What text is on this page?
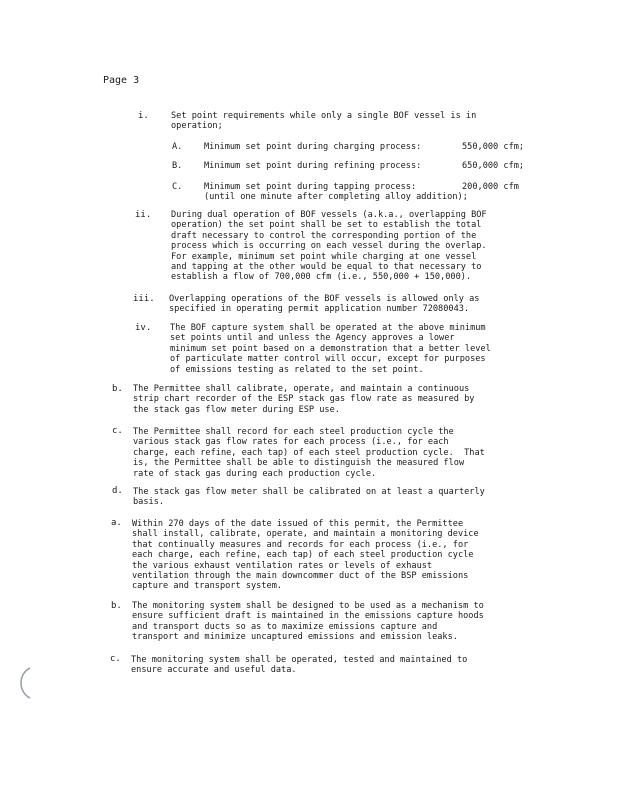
Page 3
i.	Set point requirements while only a single BOF vessel is in
operation;
A.	Minimum set point during charging process:	550,000 cfm;
B.	Minimum set point during refining process:	650,000 cfm;
C.	Minimum set point during tapping process:	200,000 cfm
(until one minute after completing alloy addition);
ii. During dual operation of BOF vessels (a.k.a., overlapping BOF
operation) the set point shall be set to establish the total
draft necessary to control the corresponding portion of the
process which is occurring on each vessel during the overlap.
For example, minimum set point while charging at one vessel
and tapping at the other would be equal to that necessary to
establish a flow of 700,000 cfm (i.e., 550,000 + 150,000).
iii. Overlapping operations of the BOF vessels is allowed only as
specified in operating permit application number 72080043.
iv. The BOF capture system shall be operated at the above minimum
set points until and unless the Agency approves a lower
minimum set point based on a demonstration that a better level
of particulate matter control will occur, except for purposes
of emissions testing as related to the set point.
b. The Permittee shall calibrate, operate, and maintain a continuous
strip chart recorder of the ESP stack gas flow rate as measured by
the stack gas flow meter during ESP use.
c. The Permittee shall record for each steel production cycle the
various stack gas flow rates for each process (i.e., for each
charge, each refine, each tap) of each steel production cycle.  That
is, the Permittee shall be able to distinguish the measured flow
rate of stack gas during each production cycle.
d. The stack gas flow meter shall be calibrated on at least a quarterly
basis.
a. Within 270 days of the date issued of this permit, the Permittee
shall install, calibrate, operate, and maintain a monitoring device
that continually measures and records for each process (i.e., for
each charge, each refine, each tap) of each steel production cycle
the various exhaust ventilation rates or levels of exhaust
ventilation through the main downcommer duct of the BSP emissions
capture and transport system.
b. The monitoring system shall be designed to be used as a mechanism to
ensure sufficient draft is maintained in the emissions capture hoods
and transport ducts so as to maximize emissions capture and
transport and minimize uncaptured emissions and emission leaks.
c. The monitoring system shall be operated, tested and maintained to
ensure accurate and useful data.
